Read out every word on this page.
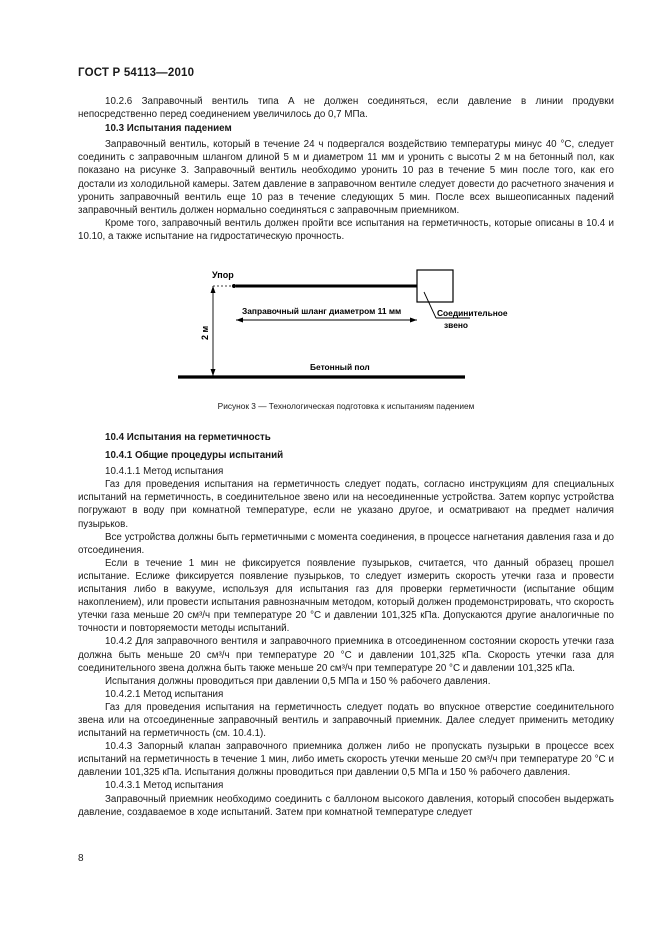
ГОСТ Р 54113—2010

10.2.6 Заправочный вентиль типа А не должен соединяться, если давление в линии продувки непосредственно перед соединением увеличилось до 0,7 МПа.

10.3 Испытания падением

Заправочный вентиль, который в течение 24 ч подвергался воздействию температуры минус 40 °C, следует соединить с заправочным шлангом длиной 5 м и диаметром 11 мм и уронить с высоты 2 м на бетонный пол, как показано на рисунке 3. Заправочный вентиль необходимо уронить 10 раз в течение 5 мин после того, как его достали из холодильной камеры. Затем давление в заправочном вентиле следует довести до расчетного значения и уронить заправочный вентиль еще 10 раз в течение следующих 5 мин. После всех вышеописанных падений заправочный вентиль должен нормально соединяться с заправочным приемником.

Кроме того, заправочный вентиль должен пройти все испытания на герметичность, которые описаны в 10.4 и 10.10, а также испытание на гидростатическую прочность.

Упор
2 м
Заправочный шланг диаметром 11 мм	Соединительное
звено
Бетонный пол
Рисунок 3 — Технологическая подготовка к испытаниям падением

10.4 Испытания на герметичность

10.4.1 Общие процедуры испытаний

10.4.1.1 Метод испытания

Газ для проведения испытания на герметичность следует подать, согласно инструкциям для специальных испытаний на герметичность, в соединительное звено или на несоединенные устройства. Затем корпус устройства погружают в воду при комнатной температуре, если не указано другое, и осматривают на предмет наличия пузырьков.

Все устройства должны быть герметичными с момента соединения, в процессе нагнетания давления газа и до отсоединения.

Если в течение 1 мин не фиксируется появление пузырьков, считается, что данный образец прошел испытание. Еслиже фиксируется появление пузырьков, то следует измерить скорость утечки газа и провести испытания либо в вакууме, используя для испытания газ для проверки герметичности (испытание общим накоплением), или провести испытания равнозначным методом, который должен продемонстрировать, что скорость утечки газа меньше 20 см³/ч при температуре 20 °C и давлении 101,325 кПа. Допускаются другие аналогичные по точности и повторяемости методы испытаний.

10.4.2 Для заправочного вентиля и заправочного приемника в отсоединенном состоянии скорость утечки газа должна быть меньше 20 см³/ч при температуре 20 °C и давлении 101,325 кПа. Скорость утечки газа для соединительного звена должна быть также меньше 20 см³/ч при температуре 20 °C и давлении 101,325 кПа.

Испытания должны проводиться при давлении 0,5 МПа и 150 % рабочего давления.

10.4.2.1 Метод испытания

Газ для проведения испытания на герметичность следует подать во впускное отверстие соединительного звена или на отсоединенные заправочный вентиль и заправочный приемник. Далее следует применить методику испытаний на герметичность (см. 10.4.1).

10.4.3 Запорный клапан заправочного приемника должен либо не пропускать пузырьки в процессе всех испытаний на герметичность в течение 1 мин, либо иметь скорость утечки меньше 20 см³/ч при температуре 20 °C и давлении 101,325 кПа. Испытания должны проводиться при давлении 0,5 МПа и 150 % рабочего давления.

10.4.3.1 Метод испытания

Заправочный приемник необходимо соединить с баллоном высокого давления, который способен выдержать давление, создаваемое в ходе испытаний. Затем при комнатной температуре следует

8
